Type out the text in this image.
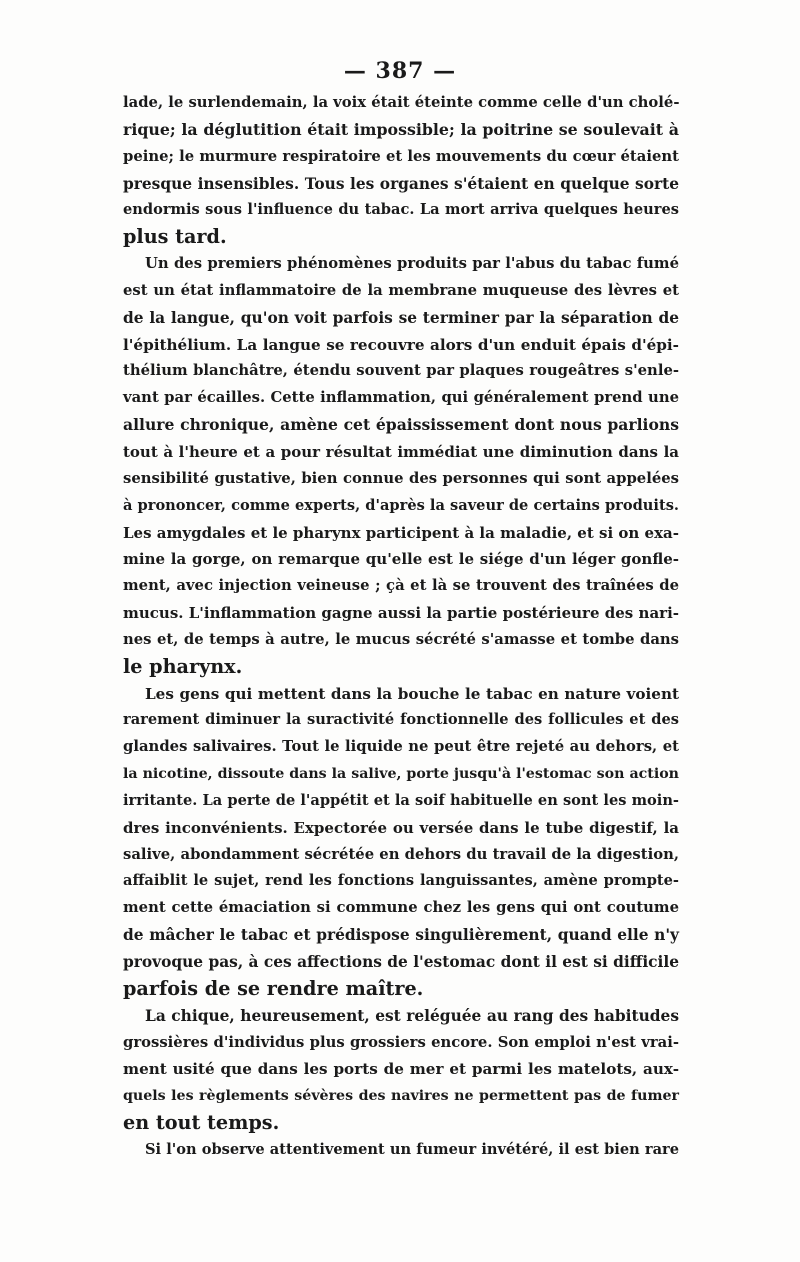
— 387 —
lade, le surlendemain, la voix était éteinte comme celle d'un cholé-
rique; la déglutition était impossible; la poitrine se soulevait à
peine; le murmure respiratoire et les mouvements du cœur étaient
presque insensibles. Tous les organes s'étaient en quelque sorte
endormis sous l'influence du tabac. La mort arriva quelques heures
plus tard.
Un des premiers phénomènes produits par l'abus du tabac fumé
est un état inflammatoire de la membrane muqueuse des lèvres et
de la langue, qu'on voit parfois se terminer par la séparation de
l'épithélium. La langue se recouvre alors d'un enduit épais d'épi-
thélium blanchâtre, étendu souvent par plaques rougeâtres s'enle-
vant par écailles. Cette inflammation, qui généralement prend une
allure chronique, amène cet épaississement dont nous parlions
tout à l'heure et a pour résultat immédiat une diminution dans la
sensibilité gustative, bien connue des personnes qui sont appelées
à prononcer, comme experts, d'après la saveur de certains produits.
Les amygdales et le pharynx participent à la maladie, et si on exa-
mine la gorge, on remarque qu'elle est le siége d'un léger gonfle-
ment, avec injection veineuse ; çà et là se trouvent des traînées de
mucus. L'inflammation gagne aussi la partie postérieure des nari-
nes et, de temps à autre, le mucus sécrété s'amasse et tombe dans
le pharynx.
Les gens qui mettent dans la bouche le tabac en nature voient
rarement diminuer la suractivité fonctionnelle des follicules et des
glandes salivaires. Tout le liquide ne peut être rejeté au dehors, et
la nicotine, dissoute dans la salive, porte jusqu'à l'estomac son action
irritante. La perte de l'appétit et la soif habituelle en sont les moin-
dres inconvénients. Expectorée ou versée dans le tube digestif, la
salive, abondamment sécrétée en dehors du travail de la digestion,
affaiblit le sujet, rend les fonctions languissantes, amène prompte-
ment cette émaciation si commune chez les gens qui ont coutume
de mâcher le tabac et prédispose singulièrement, quand elle n'y
provoque pas, à ces affections de l'estomac dont il est si difficile
parfois de se rendre maître.
La chique, heureusement, est reléguée au rang des habitudes
grossières d'individus plus grossiers encore. Son emploi n'est vrai-
ment usité que dans les ports de mer et parmi les matelots, aux-
quels les règlements sévères des navires ne permettent pas de fumer
en tout temps.
Si l'on observe attentivement un fumeur invétéré, il est bien rare
